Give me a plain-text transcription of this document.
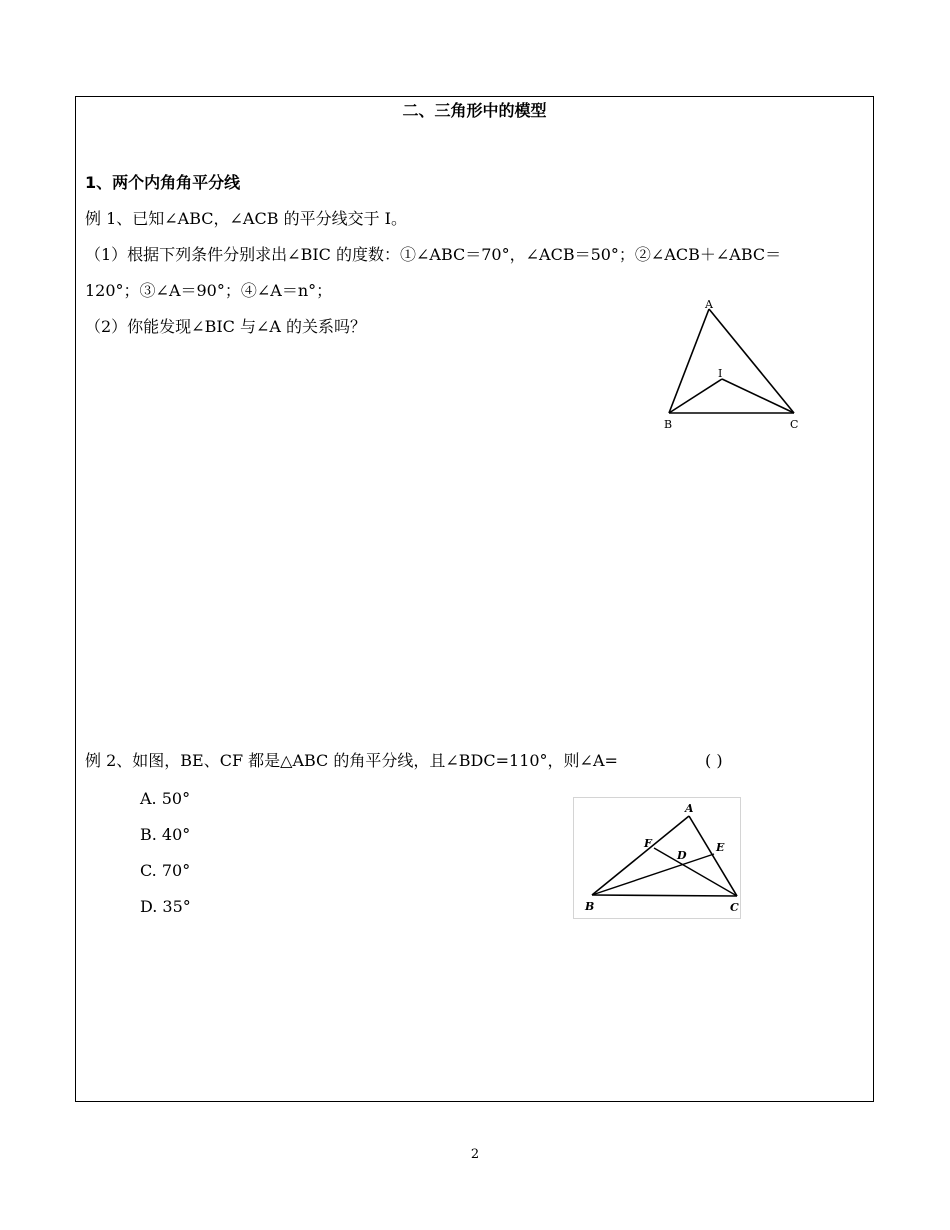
二、三角形中的模型
1、两个内角角平分线
例 1、已知∠ABC，∠ACB 的平分线交于 I。
（1）根据下列条件分别求出∠BIC 的度数：①∠ABC＝70°，∠ACB＝50°；②∠ACB＋∠ABC＝
120°；③∠A＝90°；④∠A＝n°；
（2）你能发现∠BIC 与∠A 的关系吗？
A
I
B	C
例 2、如图，BE、CF 都是△ABC 的角平分线，且∠BDC=110°，则∠A=	( )
A. 50°
B. 40°
C. 70°
D. 35°
A
F
D
E
B	C
2
